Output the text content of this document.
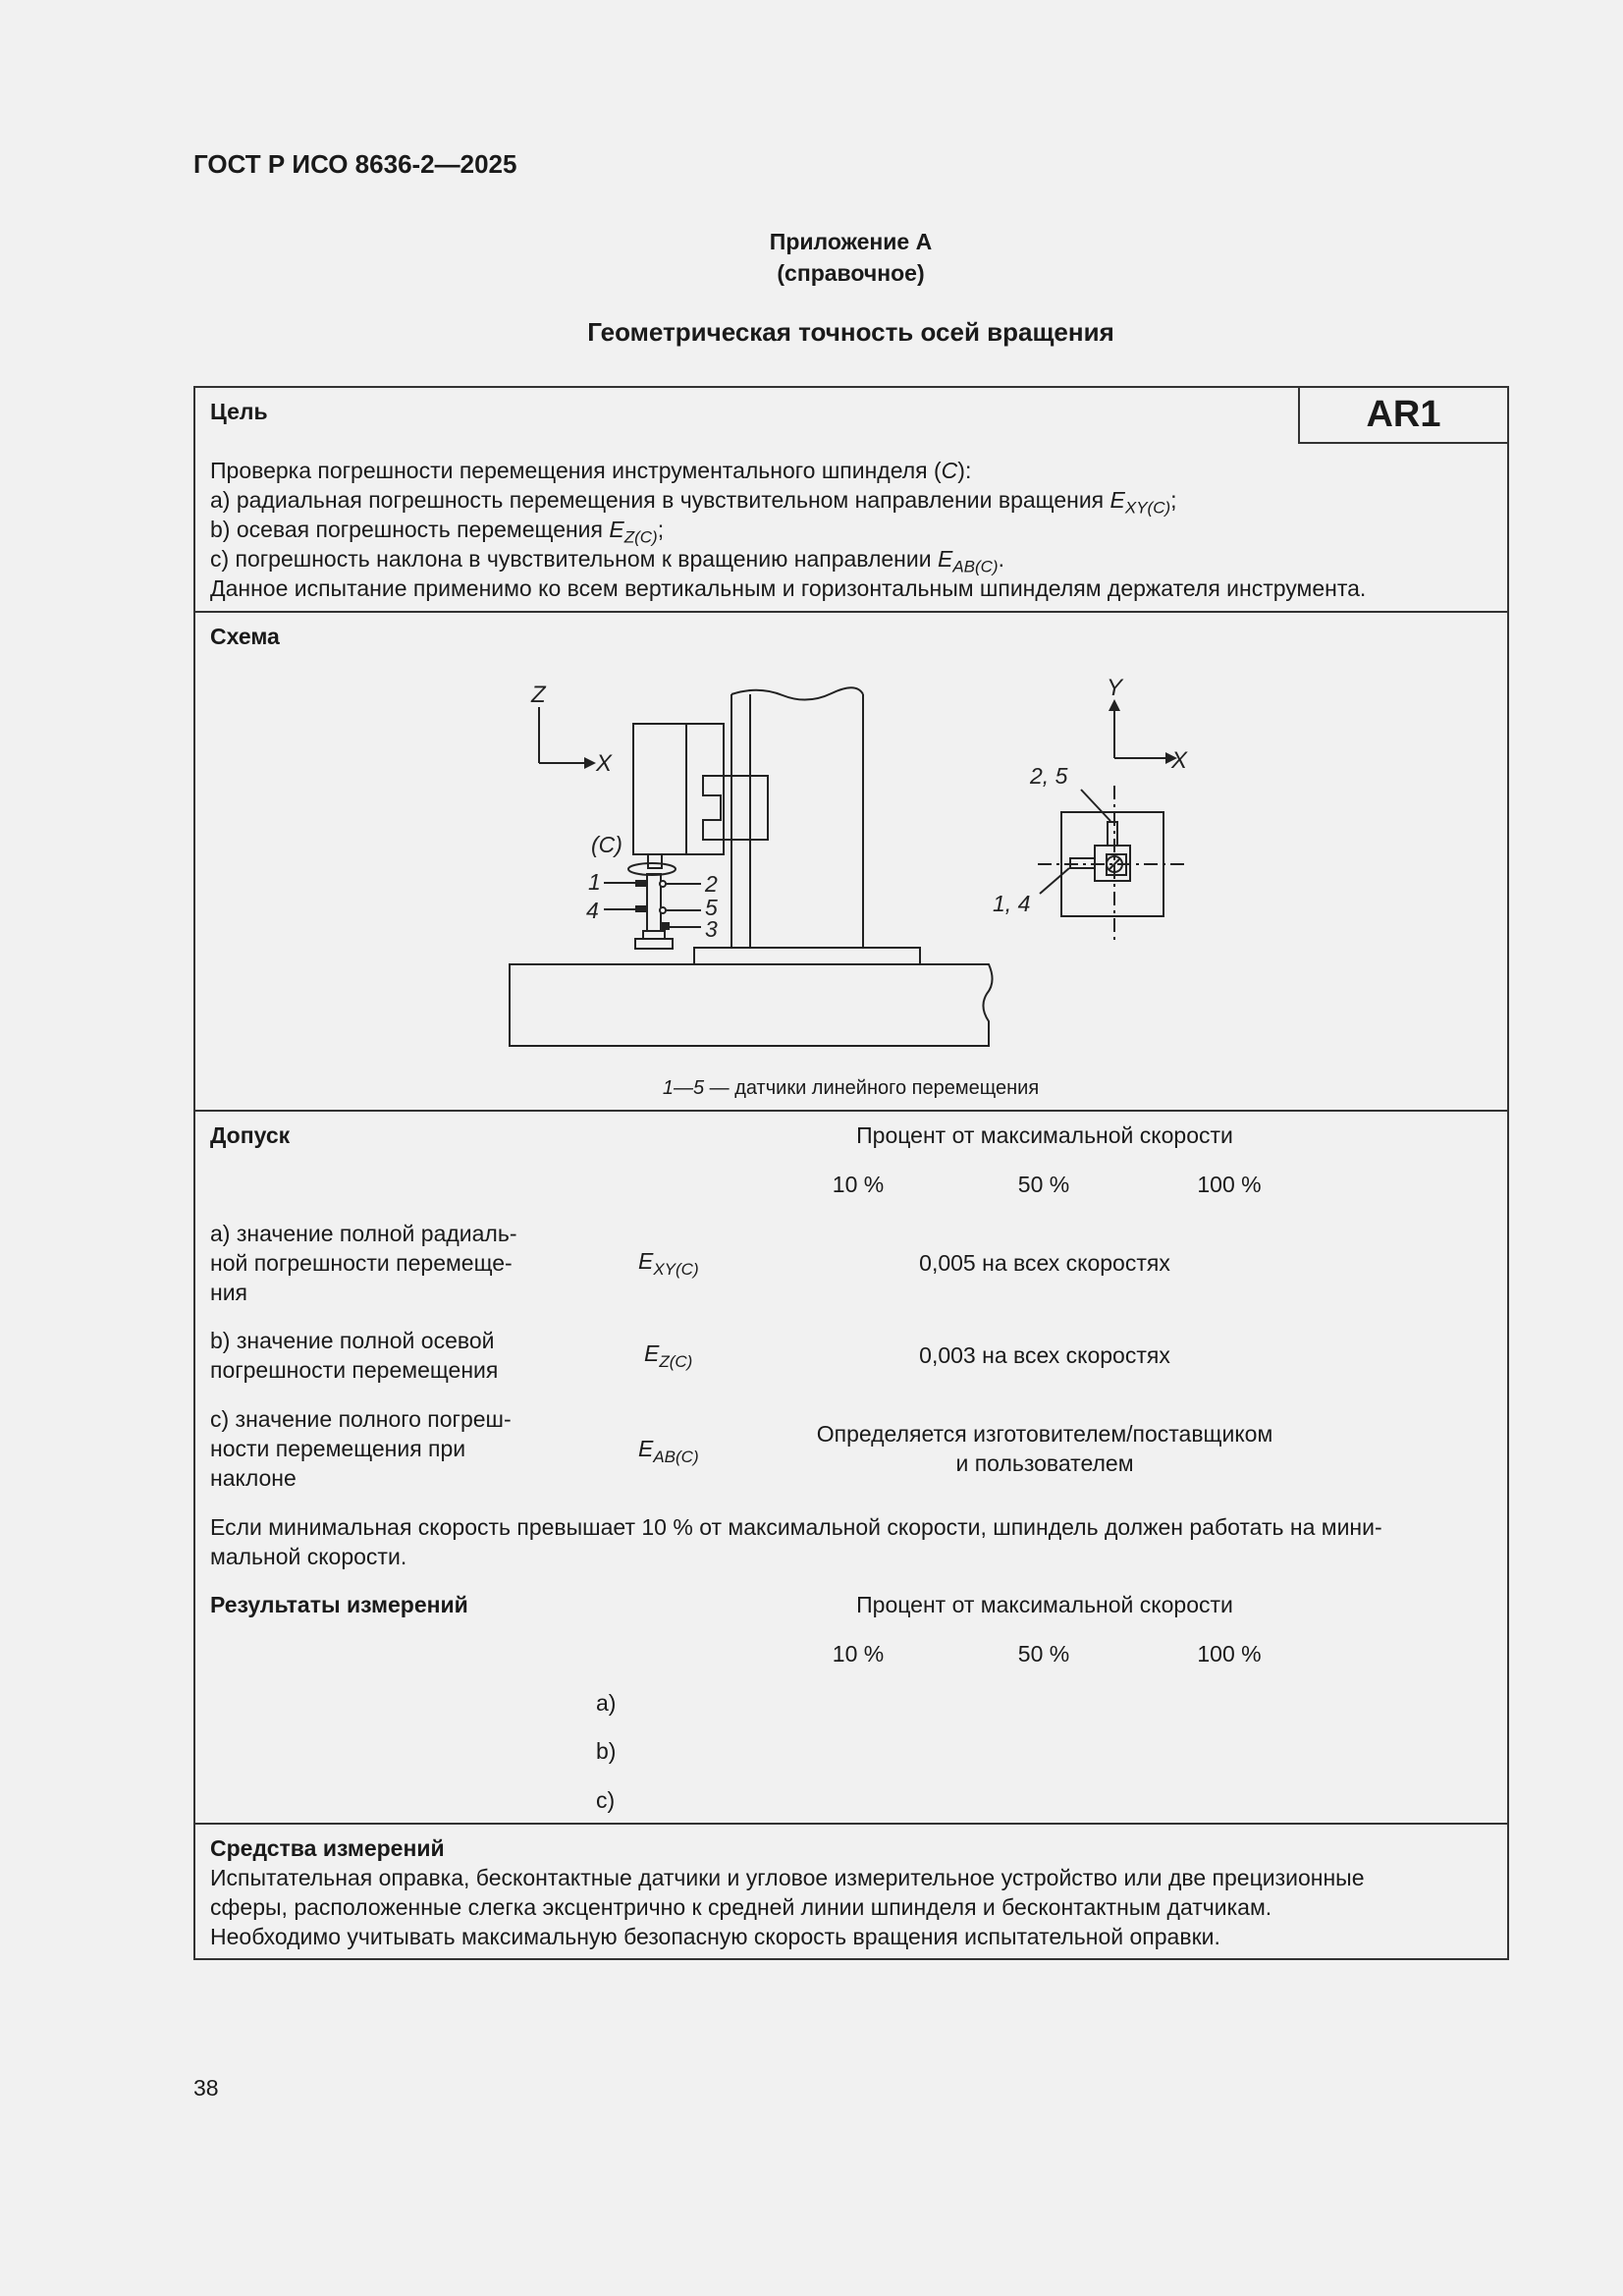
ГОСТ Р ИСО 8636-2—2025
Приложение А
(справочное)
Геометрическая точность осей вращения
AR1
Цель
Проверка погрешности перемещения инструментального шпинделя (C):
a) радиальная погрешность перемещения в чувствительном направлении вращения $E_{XY(C)}$;
b) осевая погрешность перемещения $E_{Z(C)}$;
c) погрешность наклона в чувствительном к вращению направлении $E_{AB(C)}$.
Данное испытание применимо ко всем вертикальным и горизонтальным шпинделям держателя инструмента.
Схема
Z
X
(C)
1
4
2
5
3
Y
X
2, 5
1, 4
1—5 — датчики линейного перемещения
Допуск	Процент от максимальной скорости
10 %	50 %	100 %
a) значение полной радиаль-
ной погрешности перемеще-
ния
$E_{XY(C)}$	0,005 на всех скоростях
b) значение полной осевой
погрешности перемещения
$E_{Z(C)}$	0,003 на всех скоростях
c) значение полного погреш-
ности перемещения при
наклоне
$E_{AB(C)}$
Определяется изготовителем/поставщиком
и пользователем
Если минимальная скорость превышает 10 % от максимальной скорости, шпиндель должен работать на мини-
мальной скорости.
Результаты измерений	Процент от максимальной скорости
10 %	50 %	100 %
a)
b)
c)
Средства измерений
Испытательная оправка, бесконтактные датчики и угловое измерительное устройство или две прецизионные
сферы, расположенные слегка эксцентрично к средней линии шпинделя и бесконтактным датчикам.
Необходимо учитывать максимальную безопасную скорость вращения испытательной оправки.
38
